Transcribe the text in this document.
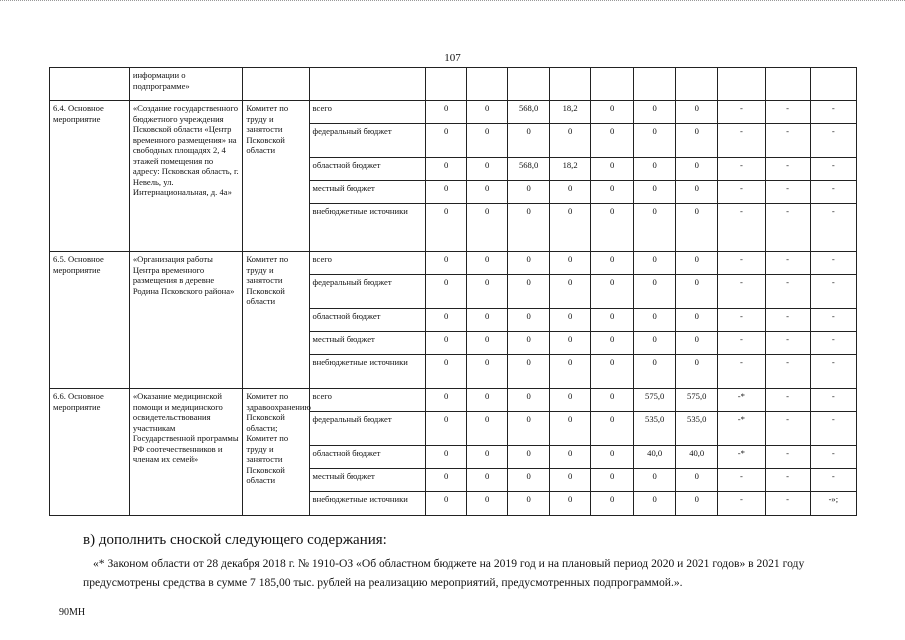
107
	информации о подпрограмме»												
6.4. Основное мероприятие	«Создание государственного бюджетного учреждения Псковской области «Центр временного размещения» на свободных площадях 2, 4 этажей помещения по адресу: Псковская область, г. Невель, ул. Интернациональная, д. 4а»	Комитет по труду и занятости Псковской области	всего	0	0	568,0	18,2	0	0	0	-	-	-
			федеральный бюджет	0	0	0	0	0	0	0	-	-	-
			областной бюджет	0	0	568,0	18,2	0	0	0	-	-	-
			местный бюджет	0	0	0	0	0	0	0	-	-	-
			внебюджетные источники	0	0	0	0	0	0	0	-	-	-
6.5. Основное мероприятие	«Организация работы Центра временного размещения в деревне Родина Псковского района»	Комитет по труду и занятости Псковской области	всего	0	0	0	0	0	0	0	-	-	-
			федеральный бюджет	0	0	0	0	0	0	0	-	-	-
			областной бюджет	0	0	0	0	0	0	0	-	-	-
			местный бюджет	0	0	0	0	0	0	0	-	-	-
			внебюджетные источники	0	0	0	0	0	0	0	-	-	-
6.6. Основное мероприятие	«Оказание медицинской помощи и медицинского освидетельствования участникам Государственной программы РФ соотечественников и членам их семей»	Комитет по здравоохранению Псковской области; Комитет по труду и занятости Псковской области	всего	0	0	0	0	0	575,0	575,0	-*	-	-
			федеральный бюджет	0	0	0	0	0	535,0	535,0	-*	-	-
			областной бюджет	0	0	0	0	0	40,0	40,0	-*	-	-
			местный бюджет	0	0	0	0	0	0	0	-	-	-
			внебюджетные источники	0	0	0	0	0	0	0	-	-	-»;
в) дополнить сноской следующего содержания:
«* Законом области от 28 декабря 2018 г. № 1910-ОЗ «Об областном бюджете на 2019 год и на плановый период 2020 и 2021 годов» в 2021 году предусмотрены средства в сумме 7 185,00 тыс. рублей на реализацию мероприятий, предусмотренных подпрограммой.».
90МН
